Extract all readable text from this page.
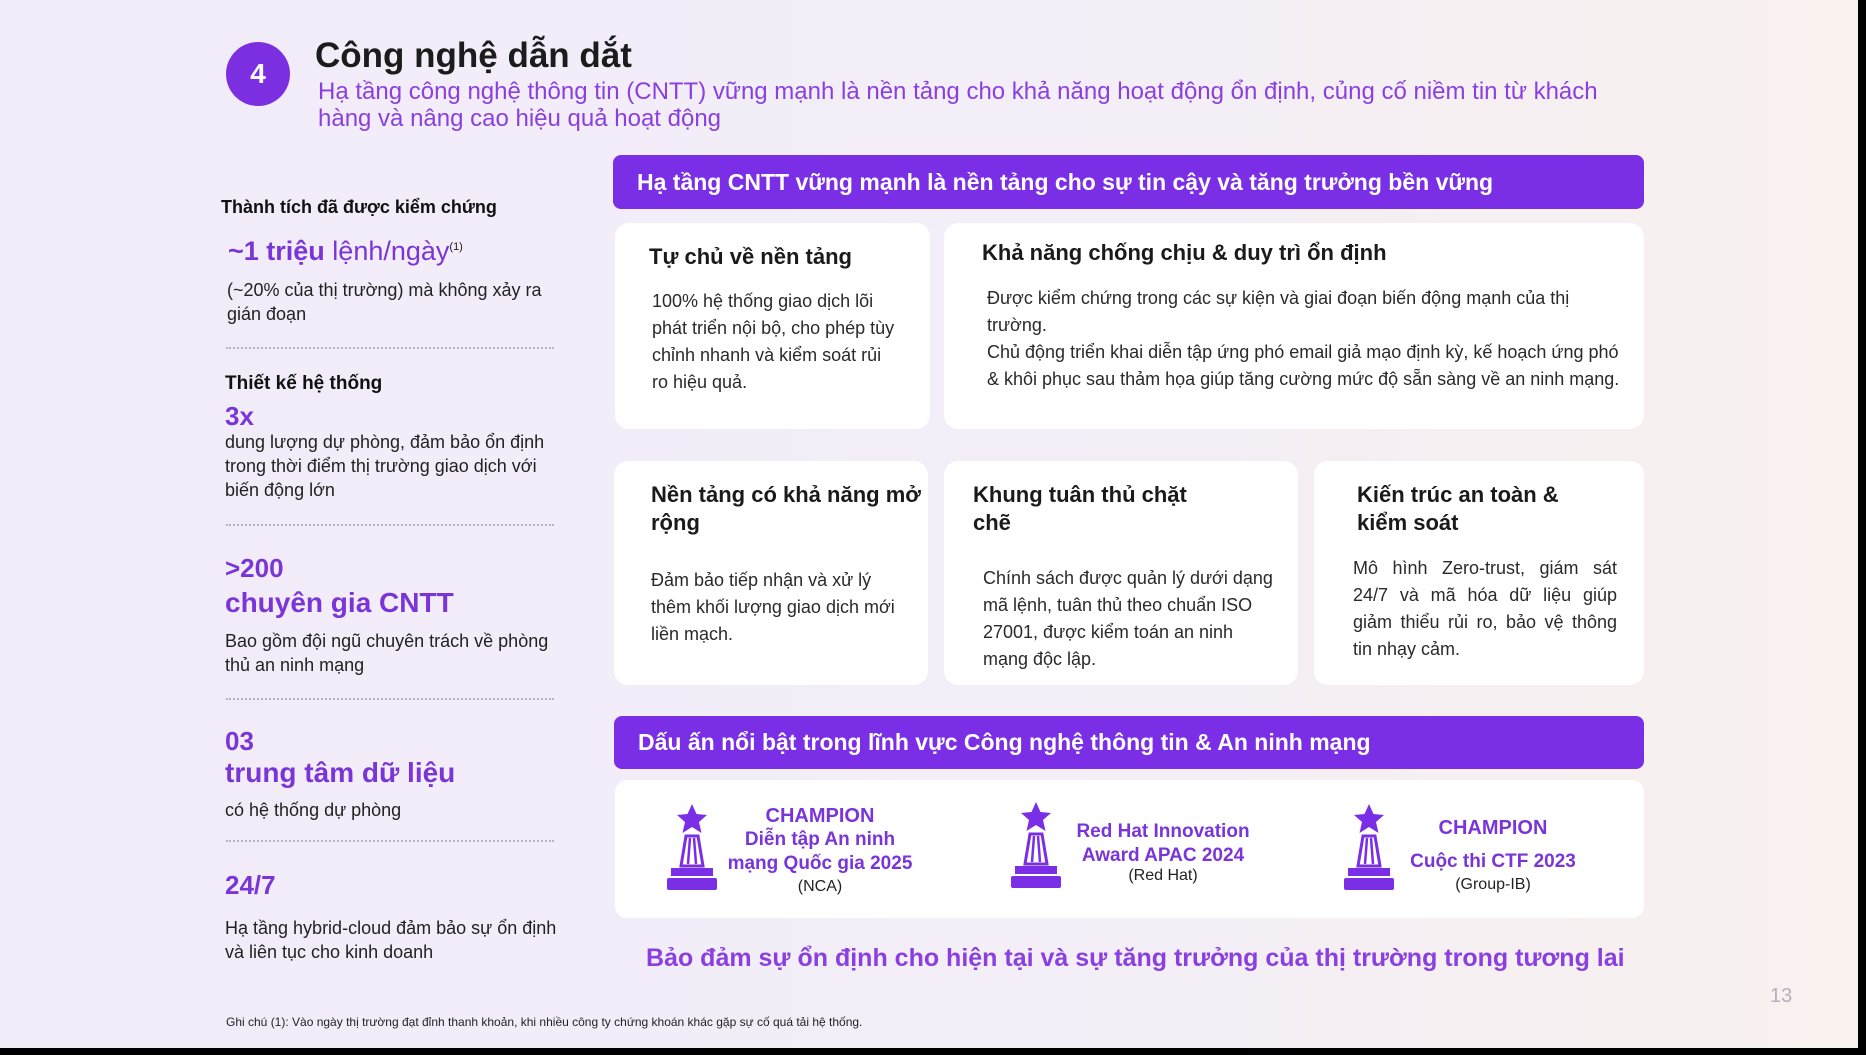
4	Công nghệ dẫn dắt
Hạ tầng công nghệ thông tin (CNTT) vững mạnh là nền tảng cho khả năng hoạt động ổn định, củng cố niềm tin từ khách hàng và nâng cao hiệu quả hoạt động
Thành tích đã được kiểm chứng
~1 triệu lệnh/ngày$^{(1)}$
(~20% của thị trường) mà không xảy ra gián đoạn
Thiết kế hệ thống
3x
dung lượng dự phòng, đảm bảo ổn định trong thời điểm thị trường giao dịch với biến động lớn
>200
chuyên gia CNTT
Bao gồm đội ngũ chuyên trách về phòng thủ an ninh mạng
03
trung tâm dữ liệu
có hệ thống dự phòng
24/7
Hạ tầng hybrid-cloud đảm bảo sự ổn định và liên tục cho kinh doanh
Hạ tầng CNTT vững mạnh là nền tảng cho sự tin cậy và tăng trưởng bền vững
Tự chủ về nền tảng
100% hệ thống giao dịch lõi phát triển nội bộ, cho phép tùy chỉnh nhanh và kiểm soát rủi ro hiệu quả.
Khả năng chống chịu & duy trì ổn định
Được kiểm chứng trong các sự kiện và giai đoạn biến động mạnh của thị trường.
Chủ động triển khai diễn tập ứng phó email giả mạo định kỳ, kế hoạch ứng phó & khôi phục sau thảm họa giúp tăng cường mức độ sẵn sàng về an ninh mạng.
Nền tảng có khả năng mở rộng
Đảm bảo tiếp nhận và xử lý thêm khối lượng giao dịch mới liền mạch.
Khung tuân thủ chặt chẽ
Chính sách được quản lý dưới dạng mã lệnh, tuân thủ theo chuẩn ISO 27001, được kiểm toán an ninh mạng độc lập.
Kiến trúc an toàn & kiểm soát
Mô hình Zero-trust, giám sát 24/7 và mã hóa dữ liệu giúp giảm thiểu rủi ro, bảo vệ thông tin nhạy cảm.
Dấu ấn nổi bật trong lĩnh vực Công nghệ thông tin & An ninh mạng
CHAMPION
Diễn tập An ninh mạng Quốc gia 2025
(NCA)
Red Hat Innovation Award APAC 2024
(Red Hat)
CHAMPION
Cuộc thi CTF 2023
(Group-IB)
Bảo đảm sự ổn định cho hiện tại và sự tăng trưởng của thị trường trong tương lai
13
Ghi chú (1): Vào ngày thị trường đạt đỉnh thanh khoản, khi nhiều công ty chứng khoán khác gặp sự cố quá tải hệ thống.
